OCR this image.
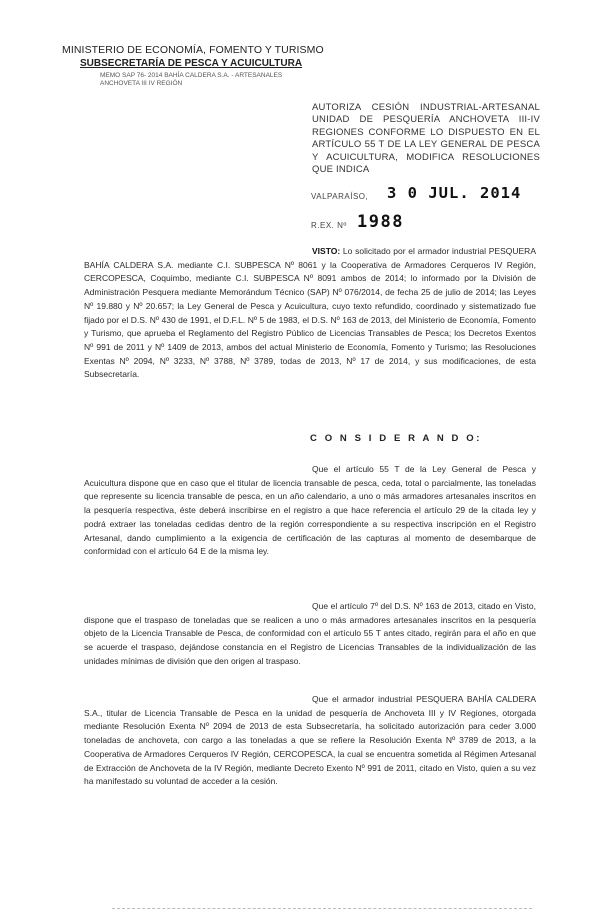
MINISTERIO DE ECONOMÍA, FOMENTO Y TURISMO
SUBSECRETARÍA DE PESCA Y ACUICULTURA
MEMO SAP 76- 2014 BAHÍA CALDERA S.A. - ARTESANALES
ANCHOVETA III IV REGIÓN
AUTORIZA CESIÓN INDUSTRIAL-ARTESANAL UNIDAD DE PESQUERÍA ANCHOVETA III-IV REGIONES CONFORME LO DISPUESTO EN EL ARTÍCULO 55 T DE LA LEY GENERAL DE PESCA Y ACUICULTURA, MODIFICA RESOLUCIONES QUE INDICA
VALPARAÍSO, 3 0 JUL. 2014
R.EX. Nº 1988
VISTO: Lo solicitado por el armador industrial PESQUERA BAHÍA CALDERA S.A. mediante C.I. SUBPESCA Nº 8061 y la Cooperativa de Armadores Cerqueros IV Región, CERCOPESCA, Coquimbo, mediante C.I. SUBPESCA Nº 8091 ambos de 2014; lo informado por la División de Administración Pesquera mediante Memorándum Técnico (SAP) Nº 076/2014, de fecha 25 de julio de 2014; las Leyes Nº 19.880 y Nº 20.657; la Ley General de Pesca y Acuicultura, cuyo texto refundido, coordinado y sistematizado fue fijado por el D.S. Nº 430 de 1991, el D.F.L. Nº 5 de 1983, el D.S. Nº 163 de 2013, del Ministerio de Economía, Fomento y Turismo, que aprueba el Reglamento del Registro Público de Licencias Transables de Pesca; los Decretos Exentos Nº 991 de 2011 y Nº 1409 de 2013, ambos del actual Ministerio de Economía, Fomento y Turismo; las Resoluciones Exentas Nº 2094, Nº 3233, Nº 3788, Nº 3789, todas de 2013, Nº 17 de 2014, y sus modificaciones, de esta Subsecretaría.
C O N S I D E R A N D O:
Que el artículo 55 T de la Ley General de Pesca y Acuicultura dispone que en caso que el titular de licencia transable de pesca, ceda, total o parcialmente, las toneladas que represente su licencia transable de pesca, en un año calendario, a uno o más armadores artesanales inscritos en la pesquería respectiva, éste deberá inscribirse en el registro a que hace referencia el artículo 29 de la citada ley y podrá extraer las toneladas cedidas dentro de la región correspondiente a su respectiva inscripción en el Registro Artesanal, dando cumplimiento a la exigencia de certificación de las capturas al momento de desembarque de conformidad con el artículo 64 E de la misma ley.
Que el artículo 7º del D.S. Nº 163 de 2013, citado en Visto, dispone que el traspaso de toneladas que se realicen a uno o más armadores artesanales inscritos en la pesquería objeto de la Licencia Transable de Pesca, de conformidad con el artículo 55 T antes citado, regirán para el año en que se acuerde el traspaso, dejándose constancia en el Registro de Licencias Transables de la individualización de las unidades mínimas de división que den origen al traspaso.
Que el armador industrial PESQUERA BAHÍA CALDERA S.A., titular de Licencia Transable de Pesca en la unidad de pesquería de Anchoveta III y IV Regiones, otorgada mediante Resolución Exenta Nº 2094 de 2013 de esta Subsecretaría, ha solicitado autorización para ceder 3.000 toneladas de anchoveta, con cargo a las toneladas a que se refiere la Resolución Exenta Nº 3789 de 2013, a la Cooperativa de Armadores Cerqueros IV Región, CERCOPESCA, la cual se encuentra sometida al Régimen Artesanal de Extracción de Anchoveta de la IV Región, mediante Decreto Exento Nº 991 de 2011, citado en Visto, quien a su vez ha manifestado su voluntad de acceder a la cesión.
